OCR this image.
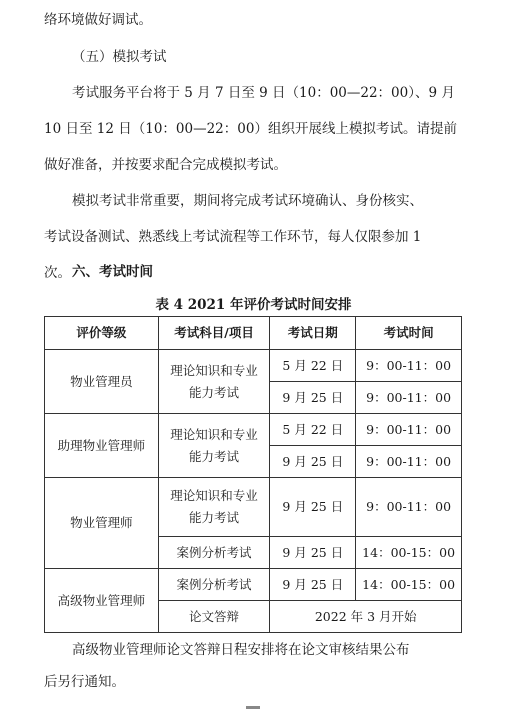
络环境做好调试。
（五）模拟考试
考试服务平台将于 5 月 7 日至 9 日（10：00—22：00）、9 月
10 日至 12 日（10：00—22：00）组织开展线上模拟考试。请提前
做好准备，并按要求配合完成模拟考试。
模拟考试非常重要，期间将完成考试环境确认、身份核实、
考试设备测试、熟悉线上考试流程等工作环节，每人仅限参加 1
次。 六、考试时间
表 4 2021 年评价考试时间安排
评价等级	考试科目/项目	考试日期	考试时间
物业管理员	理论知识和专业
能力考试	5 月 22 日	9：00-11：00
		9 月 25 日	9：00-11：00
助理物业管理师	理论知识和专业
能力考试	5 月 22 日	9：00-11：00
		9 月 25 日	9：00-11：00
物业管理师	理论知识和专业
能力考试	9 月 25 日	9：00-11：00
	案例分析考试	9 月 25 日	14：00-15：00
高级物业管理师	案例分析考试	9 月 25 日	14：00-15：00
	论文答辩	2022 年 3 月开始	
高级物业管理师论文答辩日程安排将在论文审核结果公布
后另行通知。
